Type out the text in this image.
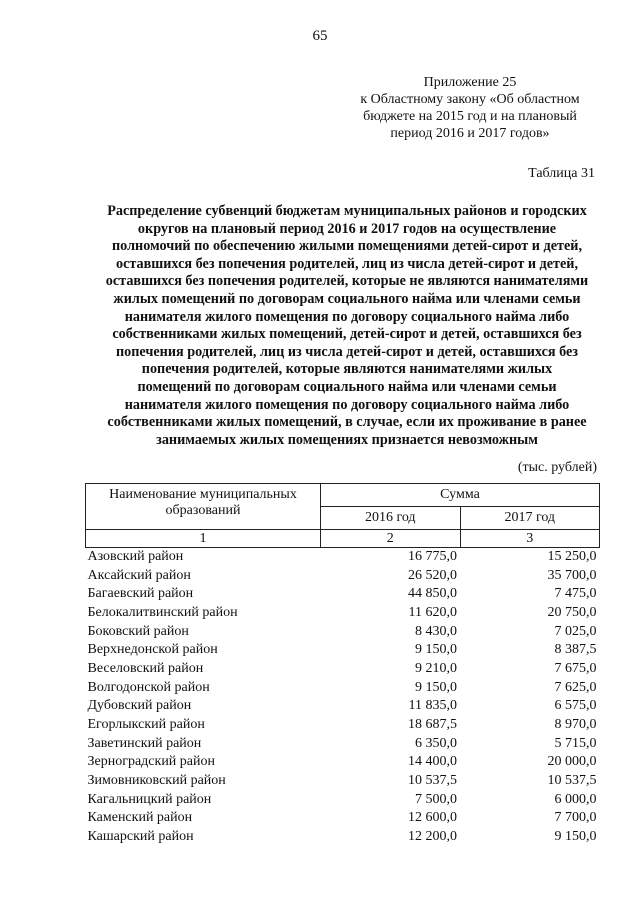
65
Приложение 25
к Областному закону «Об областном
бюджете на 2015 год и на плановый
период 2016 и 2017 годов»
Таблица 31
Распределение субвенций бюджетам муниципальных районов и городских
округов на плановый период 2016 и 2017 годов на осуществление
полномочий по обеспечению жилыми помещениями детей-сирот и детей,
оставшихся без попечения родителей, лиц из числа детей-сирот и детей,
оставшихся без попечения родителей, которые не являются нанимателями
жилых помещений по договорам социального найма или членами семьи
нанимателя жилого помещения по договору социального найма либо
собственниками жилых помещений, детей-сирот и детей, оставшихся без
попечения родителей, лиц из числа детей-сирот и детей, оставшихся без
попечения родителей, которые являются нанимателями жилых
помещений по договорам социального найма или членами семьи
нанимателя жилого помещения по договору социального найма либо
собственниками жилых помещений, в случае, если их проживание в ранее
занимаемых жилых помещениях признается невозможным
(тыс. рублей)
Наименование муниципальных образований	Сумма	
	2016 год	2017 год
1	2	3
Азовский район	16 775,0	15 250,0
Аксайский район	26 520,0	35 700,0
Багаевский район	44 850,0	7 475,0
Белокалитвинский район	11 620,0	20 750,0
Боковский район	8 430,0	7 025,0
Верхнедонской район	9 150,0	8 387,5
Веселовский район	9 210,0	7 675,0
Волгодонской район	9 150,0	7 625,0
Дубовский район	11 835,0	6 575,0
Егорлыкский район	18 687,5	8 970,0
Заветинский район	6 350,0	5 715,0
Зерноградский район	14 400,0	20 000,0
Зимовниковский район	10 537,5	10 537,5
Кагальницкий район	7 500,0	6 000,0
Каменский район	12 600,0	7 700,0
Кашарский район	12 200,0	9 150,0
